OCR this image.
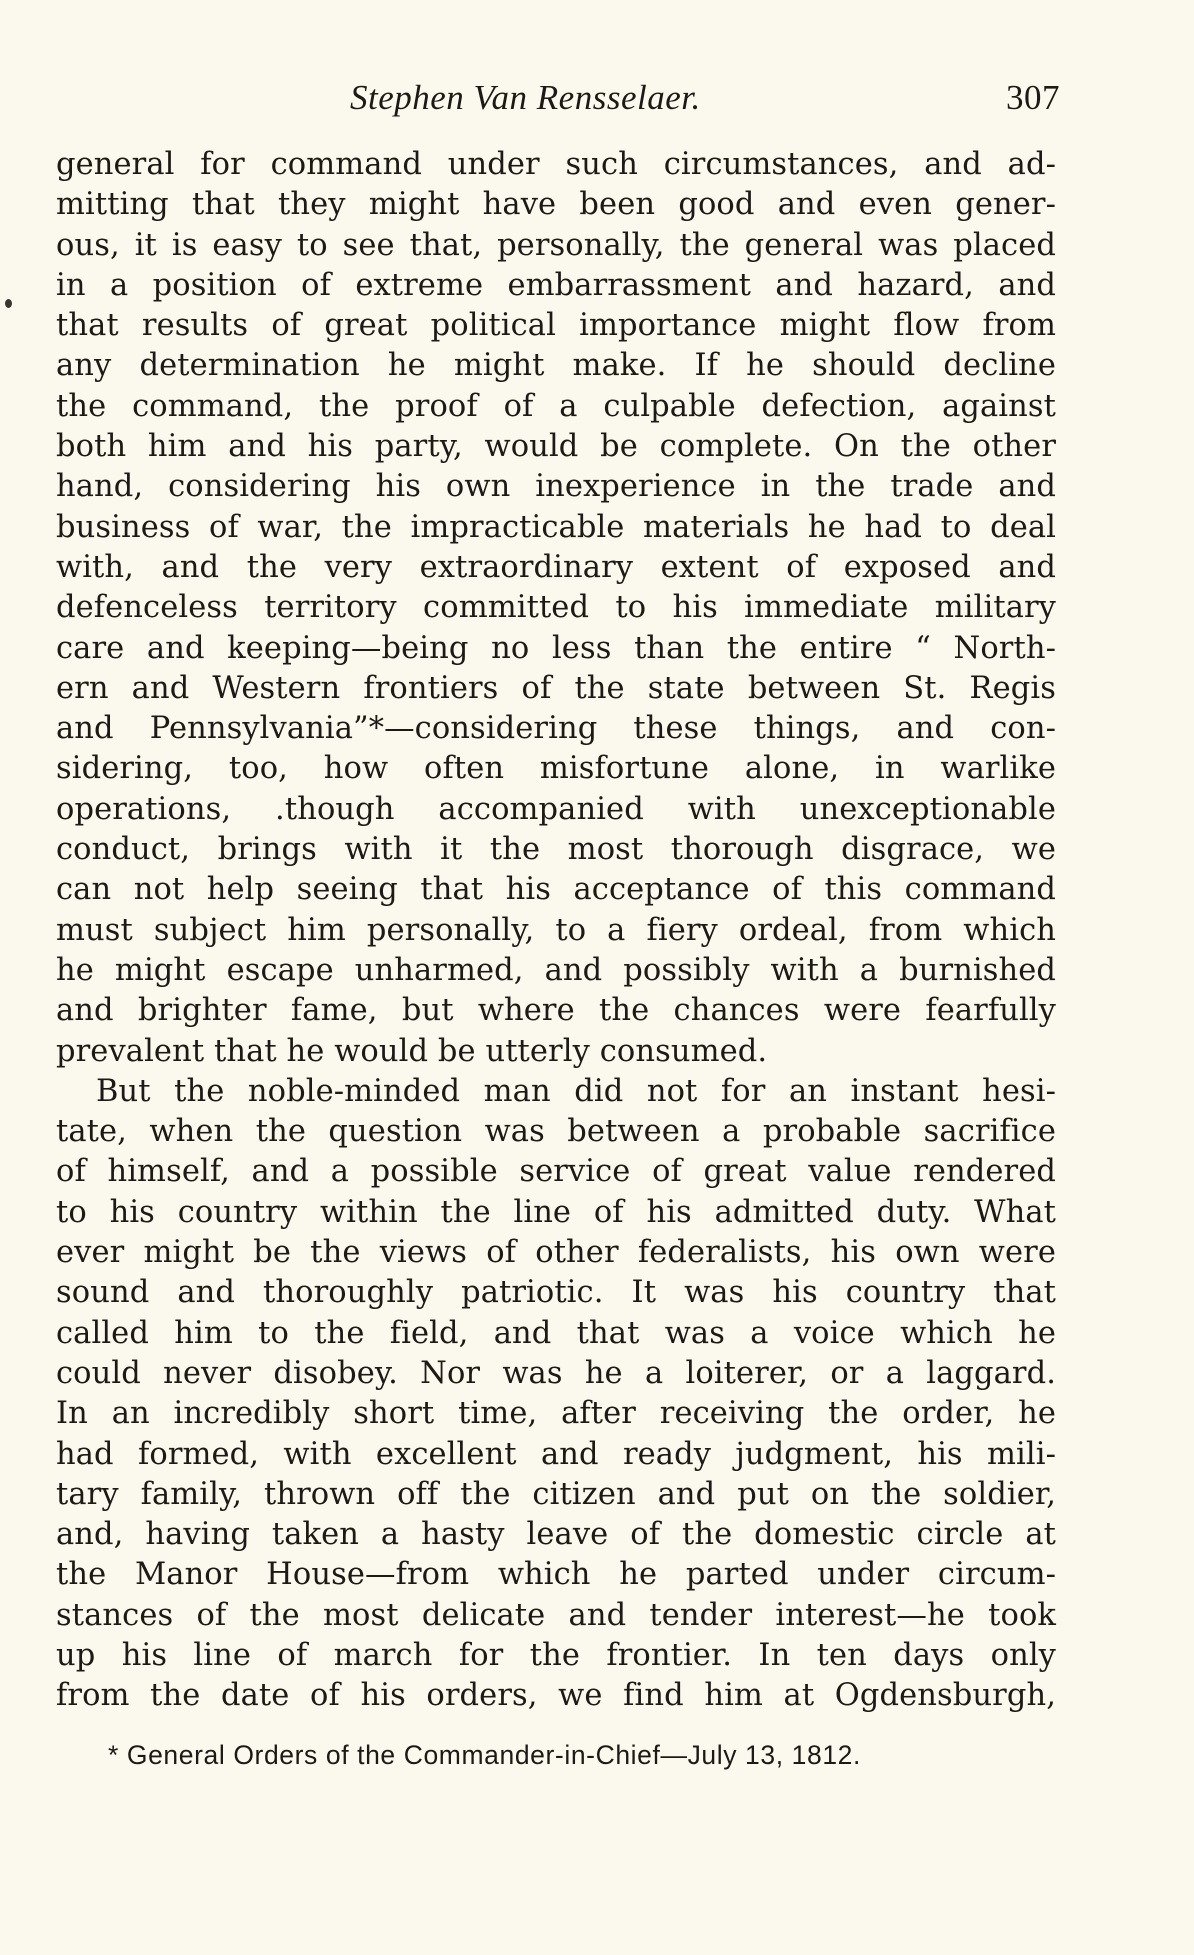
Stephen Van Rensselaer.	307
general for command under such circumstances, and ad-
mitting that they might have been good and even gener-
ous, it is easy to see that, personally, the general was placed
in a position of extreme embarrassment and hazard, and
that results of great political importance might flow from
any determination he might make. If he should decline
the command, the proof of a culpable defection, against
both him and his party, would be complete. On the other
hand, considering his own inexperience in the trade and
business of war, the impracticable materials he had to deal
with, and the very extraordinary extent of exposed and
defenceless territory committed to his immediate military
care and keeping—being no less than the entire “ North-
ern and Western frontiers of the state between St. Regis
and Pennsylvania”*—considering these things, and con-
sidering, too, how often misfortune alone, in warlike
operations, .though accompanied with unexceptionable
conduct, brings with it the most thorough disgrace, we
can not help seeing that his acceptance of this command
must subject him personally, to a fiery ordeal, from which
he might escape unharmed, and possibly with a burnished
and brighter fame, but where the chances were fearfully
prevalent that he would be utterly consumed.
But the noble-minded man did not for an instant hesi-
tate, when the question was between a probable sacrifice
of himself, and a possible service of great value rendered
to his country within the line of his admitted duty. What
ever might be the views of other federalists, his own were
sound and thoroughly patriotic. It was his country that
called him to the field, and that was a voice which he
could never disobey. Nor was he a loiterer, or a laggard.
In an incredibly short time, after receiving the order, he
had formed, with excellent and ready judgment, his mili-
tary family, thrown off the citizen and put on the soldier,
and, having taken a hasty leave of the domestic circle at
the Manor House—from which he parted under circum-
stances of the most delicate and tender interest—he took
up his line of march for the frontier. In ten days only
from the date of his orders, we find him at Ogdensburgh,
* General Orders of the Commander-in-Chief—July 13, 1812.
